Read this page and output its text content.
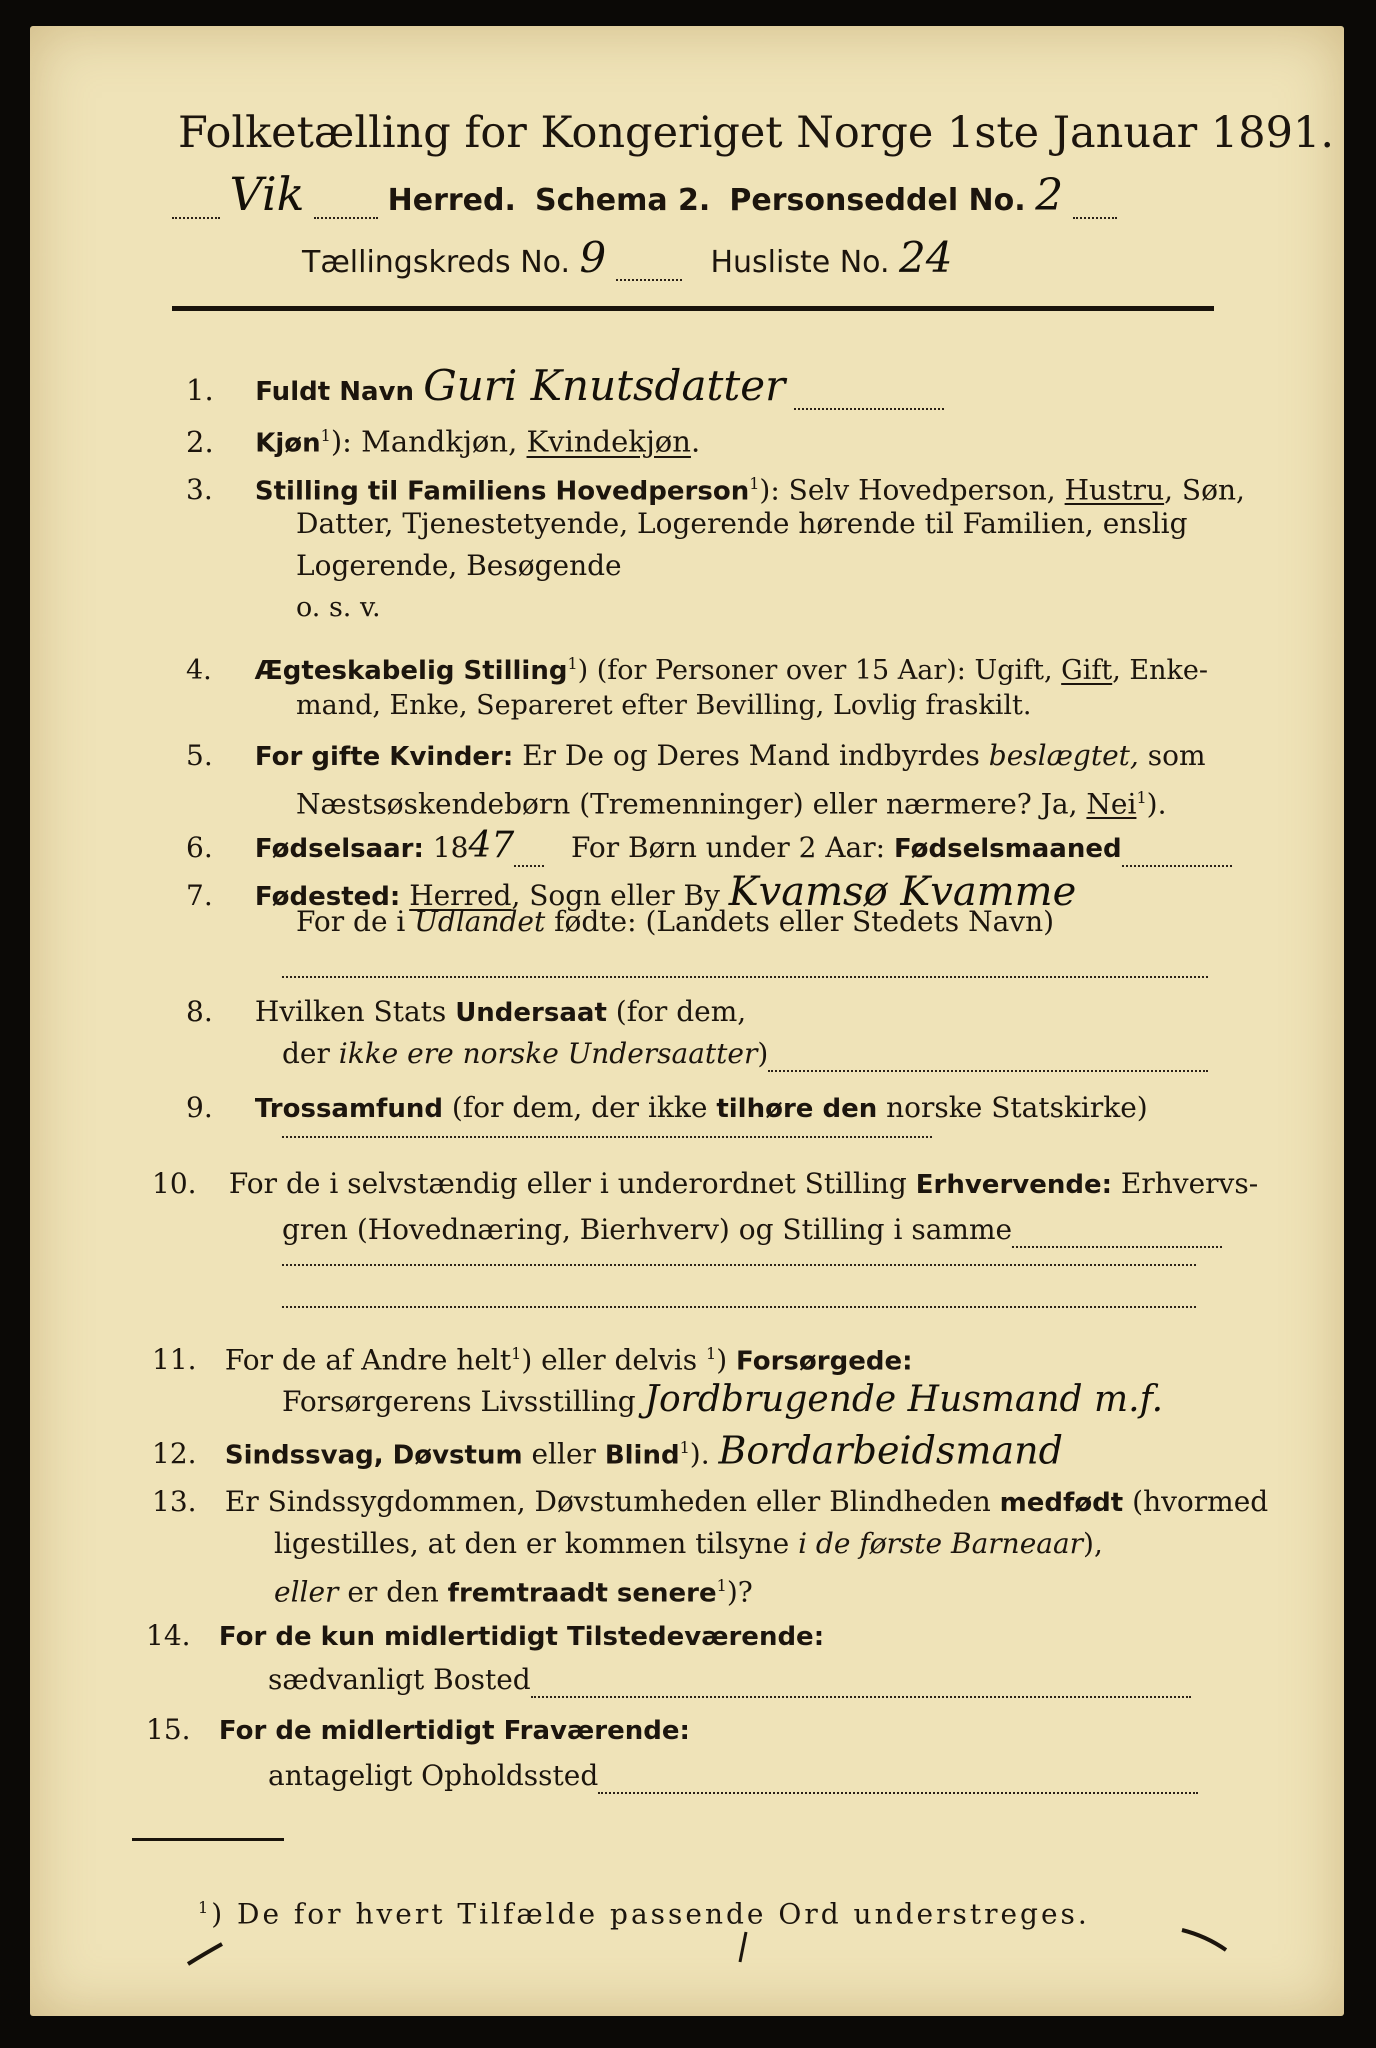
Folketælling for Kongeriget Norge 1ste Januar 1891.
Vik	Herred. Schema 2. Personseddel No. 2
Tællingskreds No. 9	Husliste No. 24
1. Fuldt Navn Guri Knutsdatter
2. Kjøn$^1$): Mandkjøn, Kvindekjøn.
3. Stilling til Familiens Hovedperson$^1$): Selv Hovedperson, Hustru, Søn,
Datter, Tjenestetyende, Logerende hørende til Familien, enslig
Logerende, Besøgende
o. s. v.
4. Ægteskabelig Stilling$^1$) (for Personer over 15 Aar): Ugift, Gift, Enke-
mand, Enke, Separeret efter Bevilling, Lovlig fraskilt.
5. For gifte Kvinder: Er De og Deres Mand indbyrdes beslægtet, som
Næstsøskendebørn (Tremenninger) eller nærmere? Ja, Nei$^1$).
6. Fødselsaar: 1847 For Børn under 2 Aar: Fødselsmaaned
7. Fødested: Herred, Sogn eller By Kvamsø Kvamme
For de i Udlandet fødte: (Landets eller Stedets Navn)
8. Hvilken Stats Undersaat (for dem,
der ikke ere norske Undersaatter)
9. Trossamfund (for dem, der ikke tilhøre den norske Statskirke)
10. For de i selvstændig eller i underordnet Stilling Erhvervende: Erhvervs-
gren (Hovednæring, Bierhverv) og Stilling i samme
11. For de af Andre helt$^1$) eller delvis $^1$) Forsørgede:
Forsørgerens Livsstilling Jordbrugende Husmand m.f.
12. Sindssvag, Døvstum eller Blind$^1$). Bordarbeidsmand
13. Er Sindssygdommen, Døvstumheden eller Blindheden medfødt (hvormed
ligestilles, at den er kommen tilsyne i de første Barneaar),
eller er den fremtraadt senere$^1$)?
14. For de kun midlertidigt Tilstedeværende:
sædvanligt Bosted
15. For de midlertidigt Fraværende:
antageligt Opholdssted
$^1$) De for hvert Tilfælde passende Ord understreges.
